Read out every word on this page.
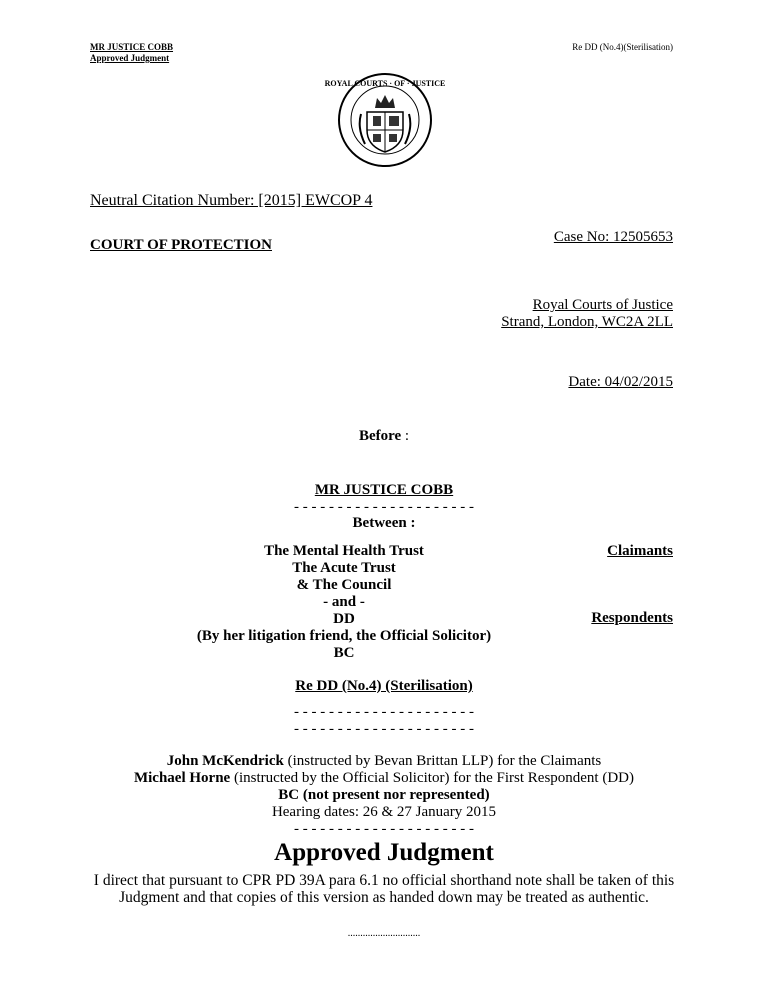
MR JUSTICE COBB
Approved Judgment
Re DD (No.4)(Sterilisation)
ROYAL COURTS · OF · JUSTICE
Neutral Citation Number: [2015] EWCOP 4
Case No: 12505653
COURT OF PROTECTION
Royal Courts of Justice
Strand, London, WC2A 2LL
Date: 04/02/2015
Before :
MR JUSTICE COBB
- - - - - - - - - - - - - - - - - - - - -
Between :
The Mental Health Trust
The Acute Trust
& The Council
- and -
DD
(By her litigation friend, the Official Solicitor)
BC
Claimants
Respondents
Re DD (No.4) (Sterilisation)
- - - - - - - - - - - - - - - - - - - - -
- - - - - - - - - - - - - - - - - - - - -
John McKendrick (instructed by Bevan Brittan LLP) for the Claimants
Michael Horne (instructed by the Official Solicitor) for the First Respondent (DD)
BC (not present nor represented)
Hearing dates: 26 & 27 January 2015
- - - - - - - - - - - - - - - - - - - - -
Approved Judgment
I direct that pursuant to CPR PD 39A para 6.1 no official shorthand note shall be taken of this
Judgment and that copies of this version as handed down may be treated as authentic.
.............................
